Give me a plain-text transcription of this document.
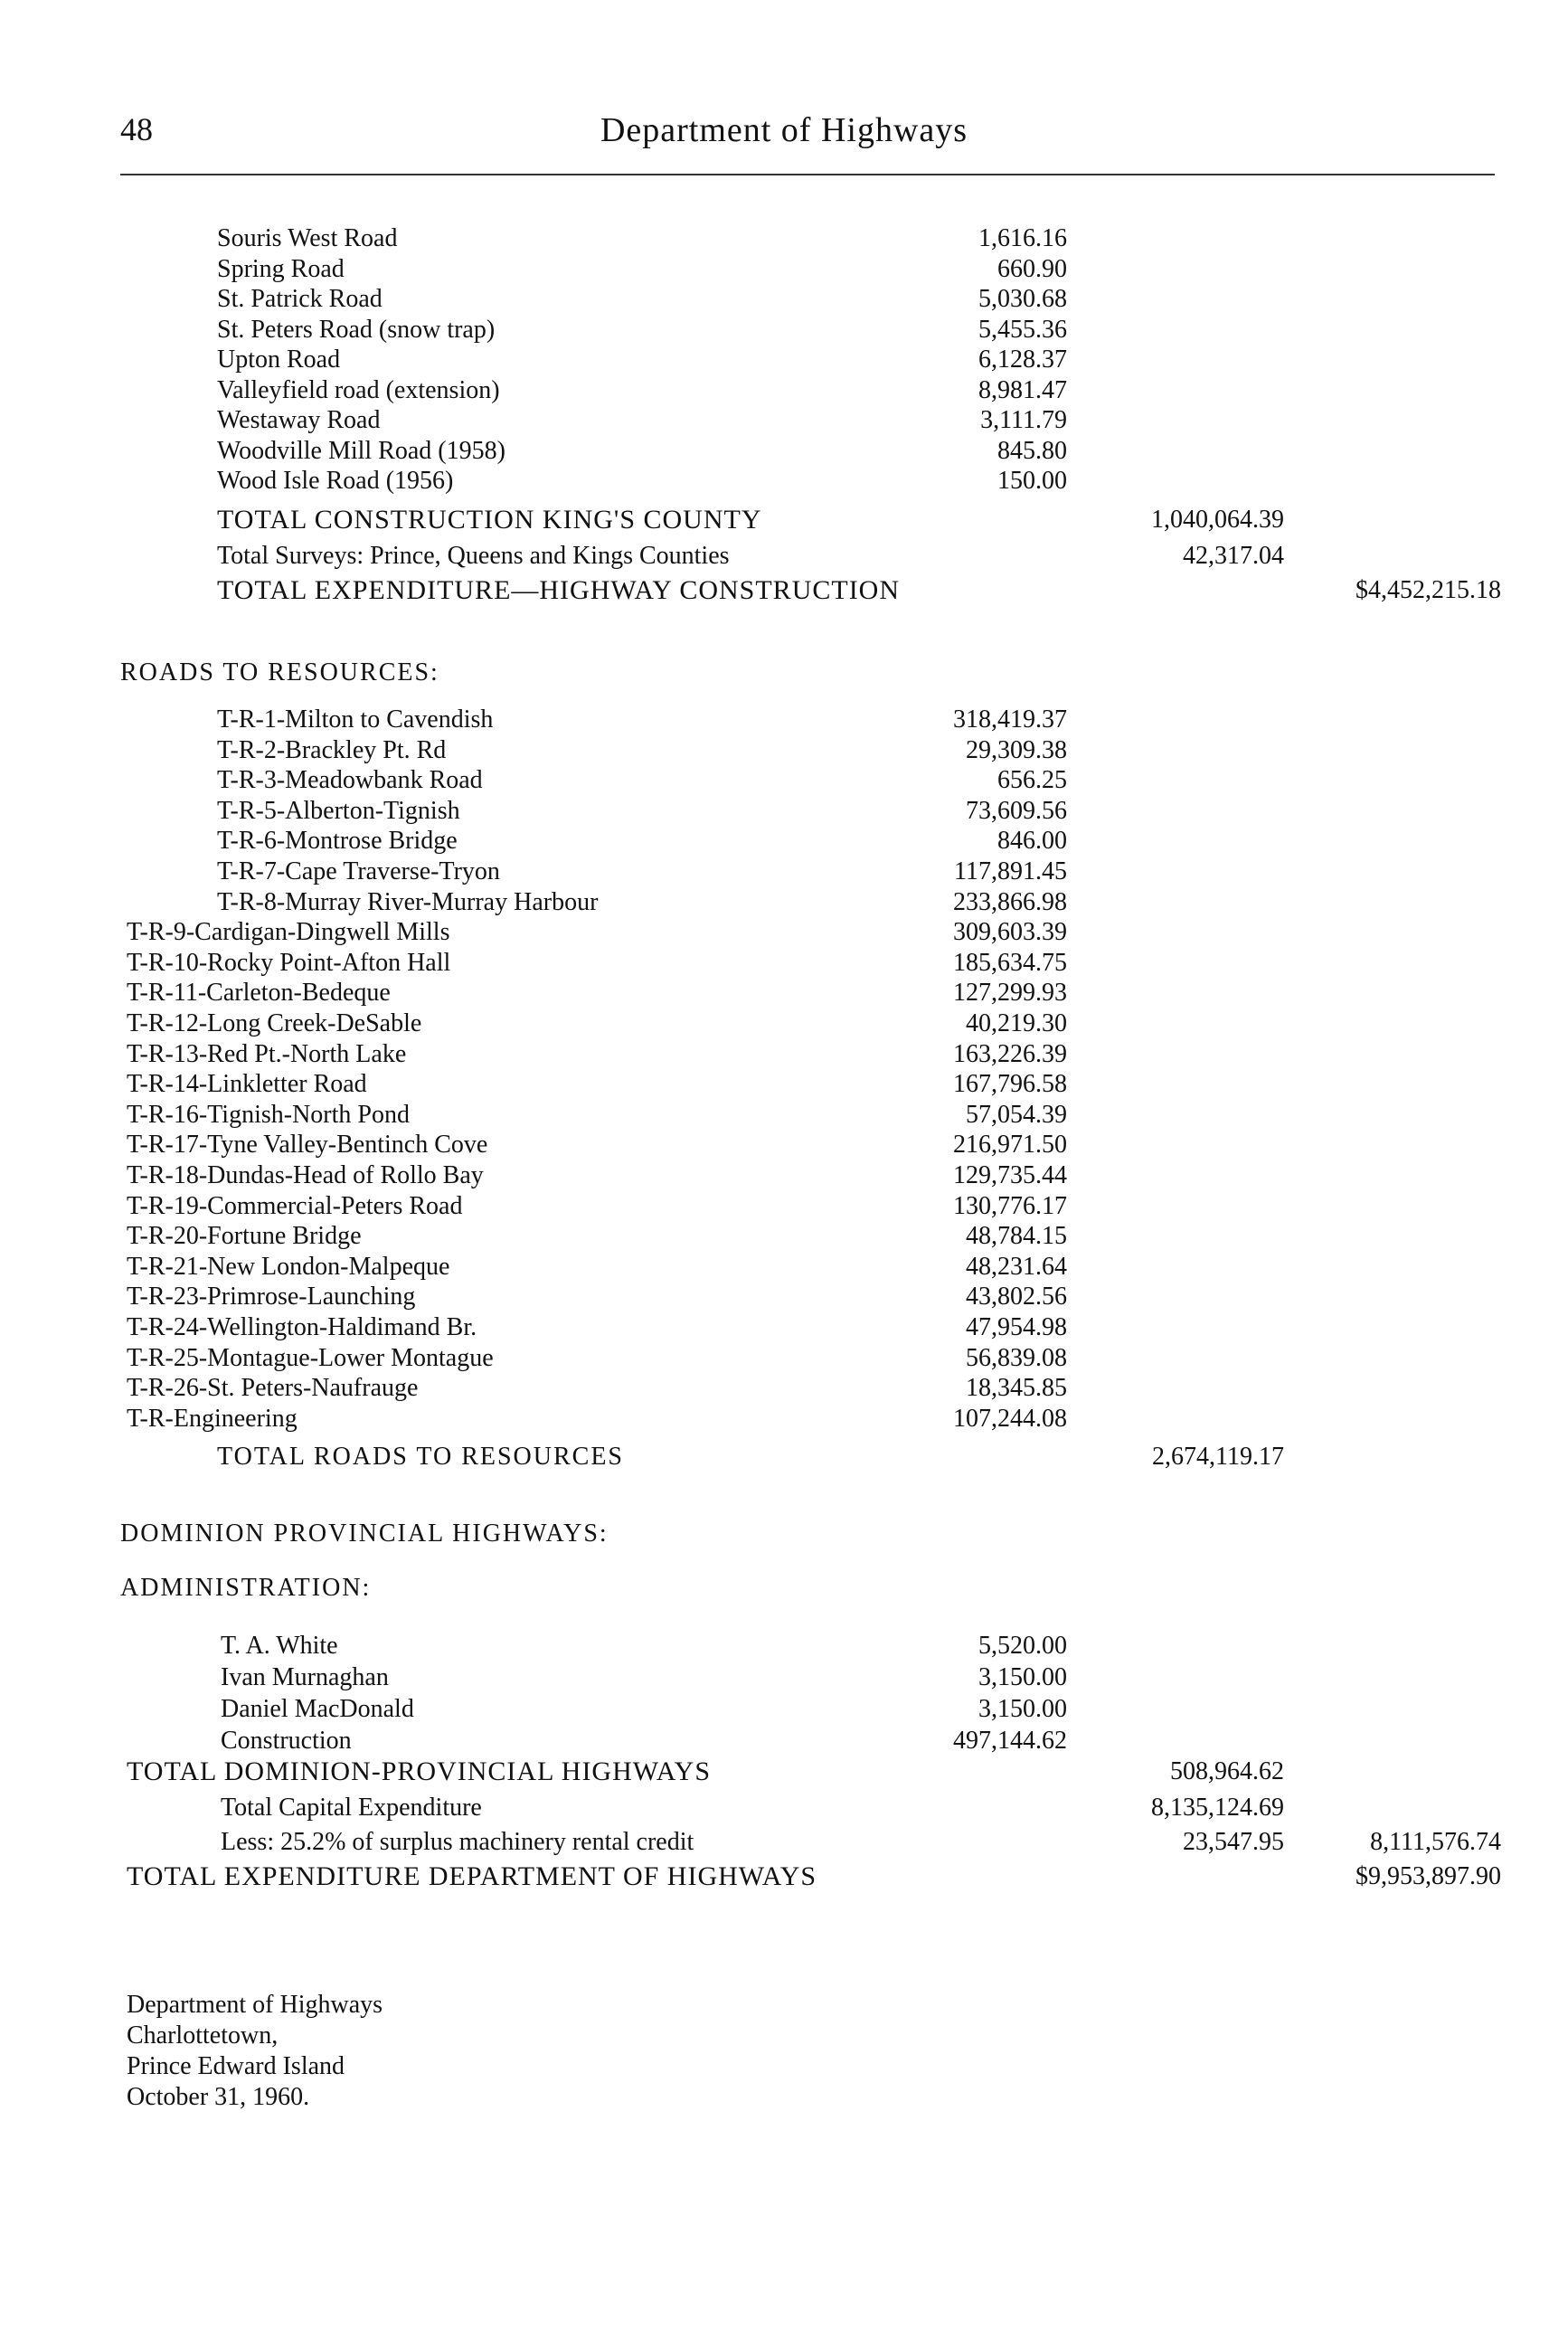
48	Department of Highways
Souris West Road	1,616.16
Spring Road	660.90
St. Patrick Road	5,030.68
St. Peters Road (snow trap)	5,455.36
Upton Road	6,128.37
Valleyfield road (extension)	8,981.47
Westaway Road	3,111.79
Woodville Mill Road (1958)	845.80
Wood Isle Road (1956)	150.00
TOTAL CONSTRUCTION KING'S COUNTY	1,040,064.39
Total Surveys: Prince, Queens and Kings Counties	42,317.04
TOTAL EXPENDITURE—HIGHWAY CONSTRUCTION	$4,452,215.18
ROADS TO RESOURCES:
T-R-1-Milton to Cavendish	318,419.37
T-R-2-Brackley Pt. Rd	29,309.38
T-R-3-Meadowbank Road	656.25
T-R-5-Alberton-Tignish	73,609.56
T-R-6-Montrose Bridge	846.00
T-R-7-Cape Traverse-Tryon	117,891.45
T-R-8-Murray River-Murray Harbour	233,866.98
T-R-9-Cardigan-Dingwell Mills	309,603.39
T-R-10-Rocky Point-Afton Hall	185,634.75
T-R-11-Carleton-Bedeque	127,299.93
T-R-12-Long Creek-DeSable	40,219.30
T-R-13-Red Pt.-North Lake	163,226.39
T-R-14-Linkletter Road	167,796.58
T-R-16-Tignish-North Pond	57,054.39
T-R-17-Tyne Valley-Bentinch Cove	216,971.50
T-R-18-Dundas-Head of Rollo Bay	129,735.44
T-R-19-Commercial-Peters Road	130,776.17
T-R-20-Fortune Bridge	48,784.15
T-R-21-New London-Malpeque	48,231.64
T-R-23-Primrose-Launching	43,802.56
T-R-24-Wellington-Haldimand Br.	47,954.98
T-R-25-Montague-Lower Montague	56,839.08
T-R-26-St. Peters-Naufrauge	18,345.85
T-R-Engineering	107,244.08
TOTAL ROADS TO RESOURCES	2,674,119.17
DOMINION PROVINCIAL HIGHWAYS:
ADMINISTRATION:
T. A. White	5,520.00
Ivan Murnaghan	3,150.00
Daniel MacDonald	3,150.00
Construction	497,144.62
TOTAL DOMINION-PROVINCIAL HIGHWAYS	508,964.62
Total Capital Expenditure	8,135,124.69
Less: 25.2% of surplus machinery rental credit	23,547.95	8,111,576.74
TOTAL EXPENDITURE DEPARTMENT OF HIGHWAYS	$9,953,897.90
Department of Highways
Charlottetown,
Prince Edward Island
October 31, 1960.
